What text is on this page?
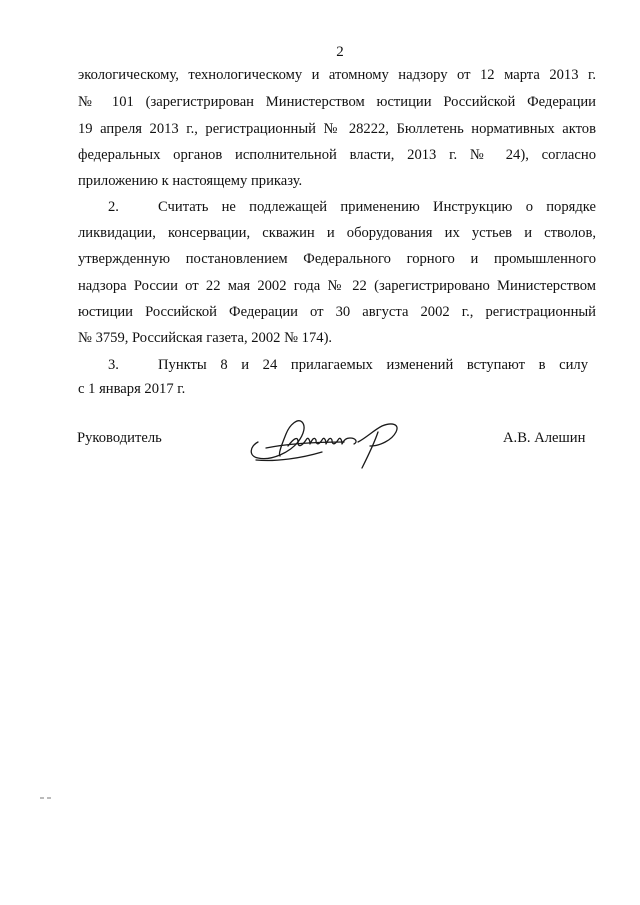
2
экологическому, технологическому и атомному надзору от 12 марта 2013 г.
№ 101 (зарегистрирован Министерством юстиции Российской Федерации
19 апреля 2013 г., регистрационный № 28222, Бюллетень нормативных актов
федеральных органов исполнительной власти, 2013 г. № 24), согласно
приложению к настоящему приказу.
2.	Считать не подлежащей применению Инструкцию о порядке
ликвидации, консервации, скважин и оборудования их устьев и стволов,
утвержденную постановлением Федерального горного и промышленного
надзора России от 22 мая 2002 года № 22 (зарегистрировано Министерством
юстиции Российской Федерации от 30 августа 2002 г., регистрационный
№ 3759, Российская газета, 2002 № 174).
3.	Пункты 8 и 24 прилагаемых изменений вступают в силу
с 1 января 2017 г.
Руководитель	А.В. Алешин
